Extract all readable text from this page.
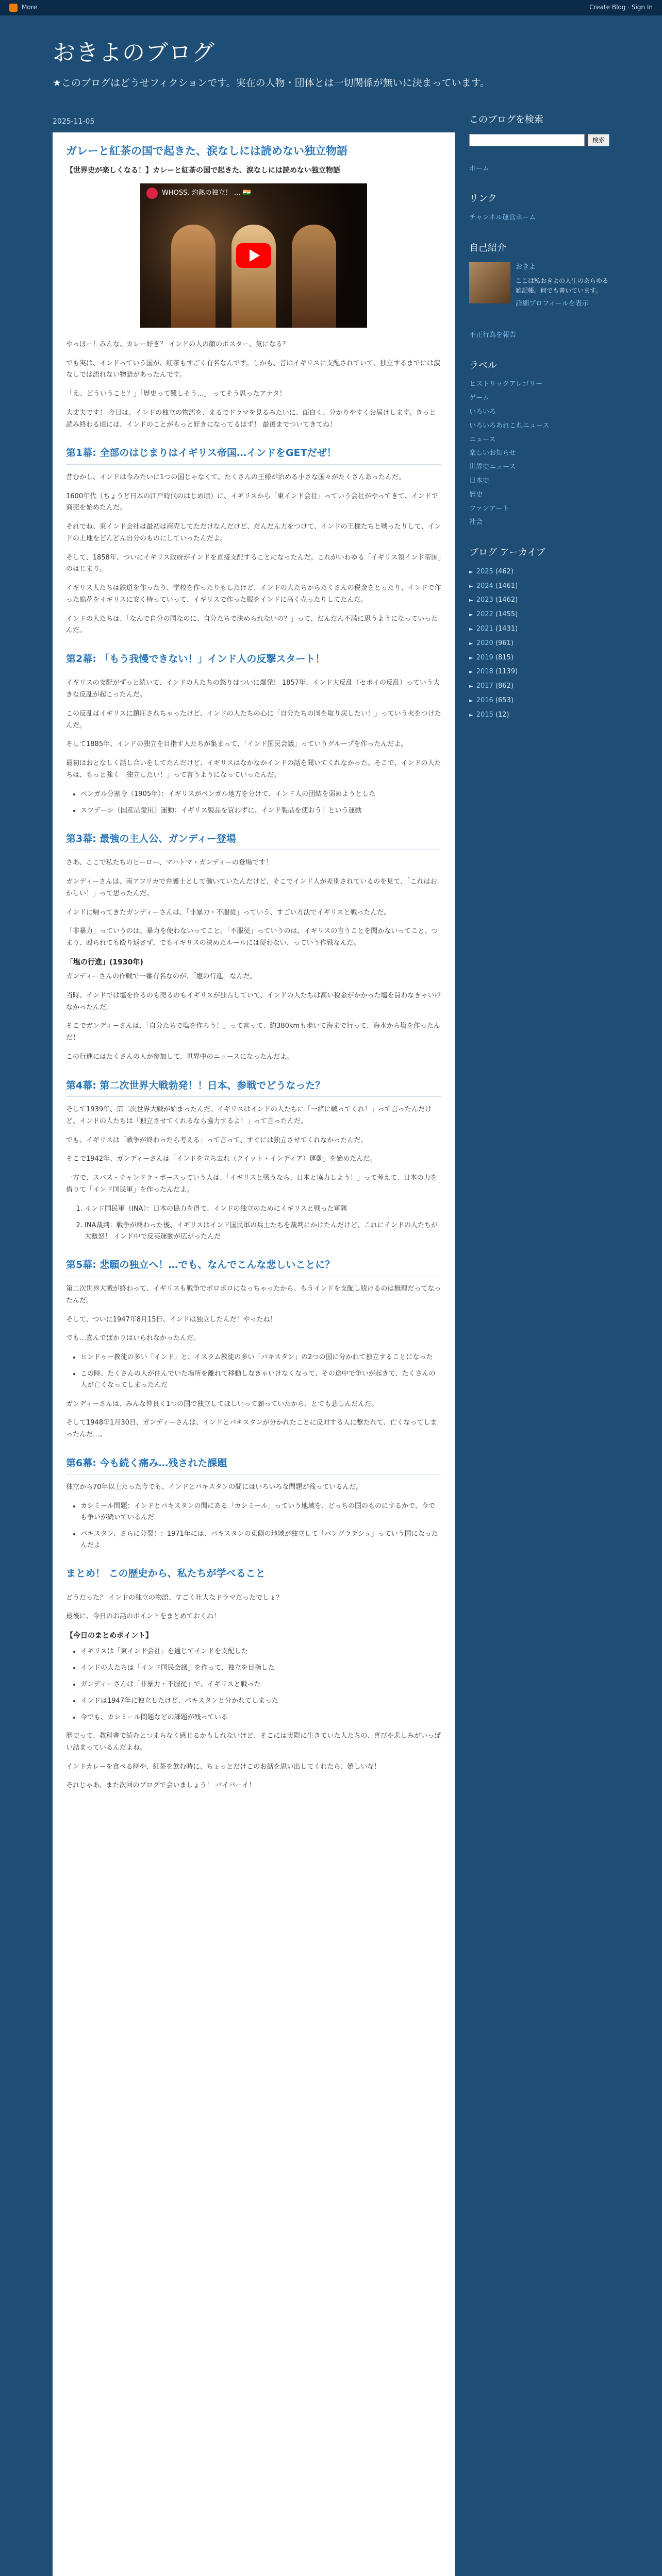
More	Create Blog · Sign In
おきよのブログ
★このブログはどうせフィクションです。実在の人物・団体とは一切関係が無いに決まっています。
2025-11-05
ガレーと紅茶の国で起きた、涙なしには読めない独立物語
【世界史が楽しくなる！】カレーと紅茶の国で起きた、涙なしには読めない独立物語
WHOSS. 灼熱の独立！ … 🇮🇳

やっほー！みんな、カレー好き？ インドの人の顔のポスター、気になる？

でも実は、インドっていう国が、紅茶もすごく有名なんです。しかも、昔はイギリスに支配されていて、独立するまでには涙なしでは語れない物語があったんです。

「え、どういうこと？」「歴史って難しそう…」 ってそう思ったアナタ！

大丈夫です！ 今日は、インドの独立の物語を、まるでドラマを見るみたいに、面白く、分かりやすくお届けします。きっと読み終わる頃には、インドのことがもっと好きになってるはず！ 最後までついてきてね！

第1幕: 全部のはじまりはイギリス帝国…インドをGETだぜ！

昔むかし、インドは今みたいに1つの国じゃなくて、たくさんの王様が治める小さな国々がたくさんあったんだ。

1600年代（ちょうど日本の江戸時代のはじめ頃）に、イギリスから「東インド会社」っていう会社がやってきて、インドで商売を始めたんだ。

それでね、東インド会社は最初は商売してただけなんだけど、だんだん力をつけて、インドの王様たちと戦ったりして、インドの土地をどんどん自分のものにしていったんだよ。

そして、1858年、ついにイギリス政府がインドを直接支配することになったんだ。これがいわゆる「イギリス領インド帝国」のはじまり。

イギリス人たちは鉄道を作ったり、学校を作ったりもしたけど、インドの人たちからたくさんの税金をとったり、インドで作った綿花をイギリスに安く持っていって、イギリスで作った服をインドに高く売ったりしてたんだ。

インドの人たちは、「なんで自分の国なのに、自分たちで決められないの？」って、だんだん不満に思うようになっていったんだ。

第2幕: 「もう我慢できない！」インド人の反撃スタート！

イギリスの支配がずっと続いて、インドの人たちの怒りはついに爆発！ 1857年、インド大反乱（セポイの反乱）っていう大きな反乱が起こったんだ。

この反乱はイギリスに鎮圧されちゃったけど、インドの人たちの心に「自分たちの国を取り戻したい！」っていう火をつけたんだ。

そして1885年、インドの独立を目指す人たちが集まって、「インド国民会議」っていうグループを作ったんだよ。

最初はおとなしく話し合いをしてたんだけど、イギリスはなかなかインドの話を聞いてくれなかった。そこで、インドの人たちは、もっと強く「独立したい！」って言うようになっていったんだ。

• ベンガル分割令（1905年）：イギリスがベンガル地方を分けて、インド人の団結を弱めようとした
• スワデーシ（国産品愛用）運動：イギリス製品を買わずに、インド製品を使おう！という運動
第3幕: 最強の主人公、ガンディー登場

さあ、ここで私たちのヒーロー、マハトマ・ガンディーの登場です！

ガンディーさんは、南アフリカで弁護士として働いていたんだけど、そこでインド人が差別されているのを見て、「これはおかしい！」って思ったんだ。

インドに帰ってきたガンディーさんは、「非暴力・不服従」っていう、すごい方法でイギリスと戦ったんだ。

「非暴力」っていうのは、暴力を使わないってこと。「不服従」っていうのは、イギリスの言うことを聞かないってこと。つまり、殴られても殴り返さず、でもイギリスの決めたルールには従わない、っていう作戦なんだ。

「塩の行進」(1930年)

ガンディーさんの作戦で一番有名なのが、「塩の行進」なんだ。

当時、インドでは塩を作るのも売るのもイギリスが独占していて、インドの人たちは高い税金がかかった塩を買わなきゃいけなかったんだ。

そこでガンディーさんは、「自分たちで塩を作ろう！」って言って、約380kmも歩いて海まで行って、海水から塩を作ったんだ！

この行進にはたくさんの人が参加して、世界中のニュースになったんだよ。

第4幕: 第二次世界大戦勃発！！日本、参戦でどうなった？

そして1939年、第二次世界大戦が始まったんだ。イギリスはインドの人たちに「一緒に戦ってくれ！」って言ったんだけど、インドの人たちは「独立させてくれるなら協力するよ！」って言ったんだ。

でも、イギリスは「戦争が終わったら考える」って言って、すぐには独立させてくれなかったんだ。

そこで1942年、ガンディーさんは「インドを立ち去れ（クイット・インディア）運動」を始めたんだ。

一方で、スバス・チャンドラ・ボースっていう人は、「イギリスと戦うなら、日本と協力しよう！」って考えて、日本の力を借りて「インド国民軍」を作ったんだよ。

1. インド国民軍（INA）：日本の協力を得て、インドの独立のためにイギリスと戦った軍隊
2. INA裁判：戦争が終わった後、イギリスはインド国民軍の兵士たちを裁判にかけたんだけど、これにインドの人たちが大激怒！ インド中で反英運動が広がったんだ
第5幕: 悲願の独立へ！…でも、なんでこんな悲しいことに？

第二次世界大戦が終わって、イギリスも戦争でボロボロになっちゃったから、もうインドを支配し続けるのは無理だってなったんだ。

そして、ついに1947年8月15日、インドは独立したんだ！やったね！

でも…喜んでばかりはいられなかったんだ。

• ヒンドゥー教徒の多い「インド」と、イスラム教徒の多い「パキスタン」の2つの国に分かれて独立することになった
• この時、たくさんの人が住んでいた場所を離れて移動しなきゃいけなくなって、その途中で争いが起きて、たくさんの人が亡くなってしまったんだ

ガンディーさんは、みんな仲良く1つの国で独立してほしいって願っていたから、とても悲しんだんだ。

そして1948年1月30日、ガンディーさんは、インドとパキスタンが分かれたことに反対する人に撃たれて、亡くなってしまったんだ…。

第6幕: 今も続く痛み…残された課題

独立から70年以上たった今でも、インドとパキスタンの間にはいろいろな問題が残っているんだ。

• カシミール問題：インドとパキスタンの間にある「カシミール」っていう地域を、どっちの国のものにするかで、今でも争いが続いているんだ
• パキスタン、さらに分裂！：1971年には、パキスタンの東側の地域が独立して「バングラデシュ」っていう国になったんだよ
まとめ！ この歴史から、私たちが学べること

どうだった？ インドの独立の物語、すごく壮大なドラマだったでしょ？

最後に、今日のお話のポイントをまとめておくね！

【今日のまとめポイント】
• イギリスは「東インド会社」を通じてインドを支配した
• インドの人たちは「インド国民会議」を作って、独立を目指した
• ガンディーさんは「非暴力・不服従」で、イギリスと戦った
• インドは1947年に独立したけど、パキスタンと分かれてしまった
• 今でも、カシミール問題などの課題が残っている

歴史って、教科書で読むとつまらなく感じるかもしれないけど、そこには実際に生きていた人たちの、喜びや悲しみがいっぱい詰まっているんだよね。

インドカレーを食べる時や、紅茶を飲む時に、ちょっとだけこのお話を思い出してくれたら、嬉しいな！

それじゃあ、また次回のブログで会いましょう！ バイバーイ！

このブログを検索
検索
ホーム
リンク
チャンネル運営ホーム
自己紹介
おきよ
ここは私おきよの人生のあらゆる雑記帳。何でも書いています。
詳細プロフィールを表示
不正行為を報告
ラベル
ヒストリックアレゴリー
ゲーム
いろいろ
いろいろあれこれニュース
ニュース
楽しいお知らせ
世界史ニュース
日本史
歴史
ファンアート
社会
ブログ アーカイブ
► 2025 (462)
► 2024 (1461)
► 2023 (1462)
► 2022 (1455)
► 2021 (1431)
► 2020 (961)
► 2019 (815)
► 2018 (1139)
► 2017 (862)
► 2016 (653)
► 2015 (12)
